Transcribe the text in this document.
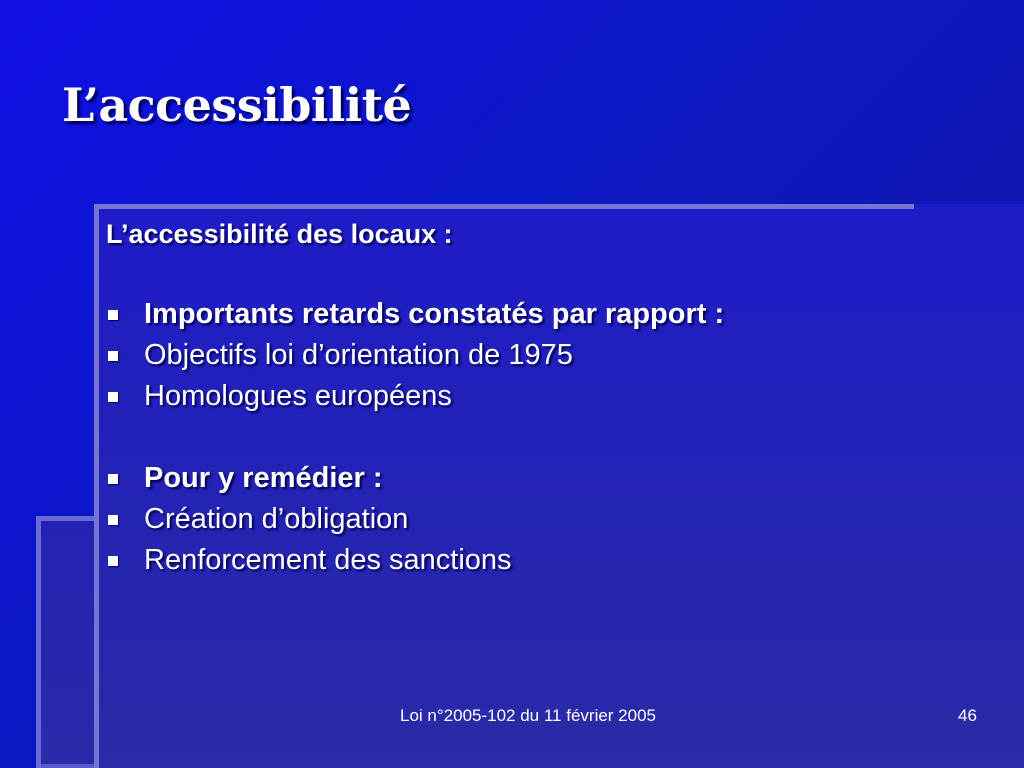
L’accessibilité

L’accessibilité des locaux :

Importants retards constatés par rapport :
Objectifs loi d’orientation de 1975
Homologues européens
Pour y remédier :
Création d’obligation
Renforcement des sanctions
Loi n°2005-102 du 11 février 2005	46
